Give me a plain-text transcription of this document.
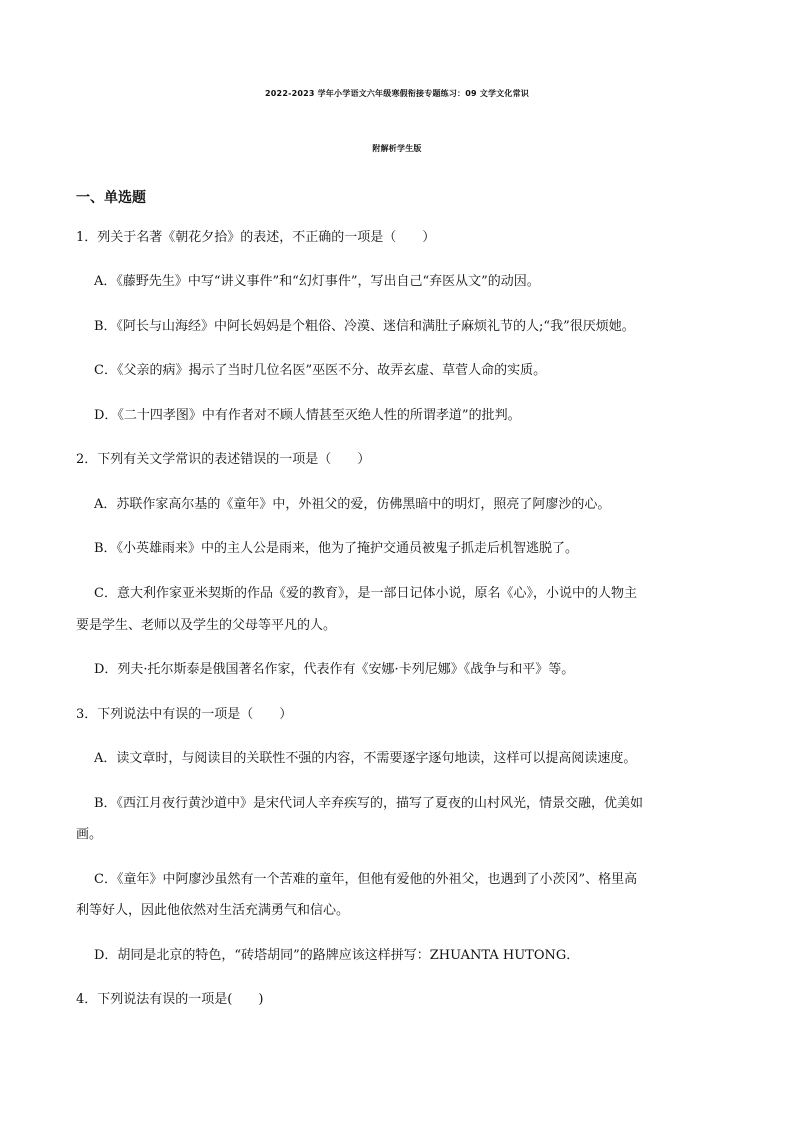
2022-2023 学年小学语文六年级寒假衔接专题练习：09 文学文化常识
附解析学生版
一、单选题
1．列关于名著《朝花夕拾》的表述，不正确的一项是（　　）
A．《藤野先生》中写“讲义事件”和“幻灯事件”，写出自己“弃医从文”的动因。
B．《阿长与山海经》中阿长妈妈是个粗俗、冷漠、迷信和满肚子麻烦礼节的人;“我”很厌烦她。
C．《父亲的病》揭示了当时几位名医”巫医不分、故弄玄虚、草菅人命的实质。
D．《二十四孝图》中有作者对不顾人情甚至灭绝人性的所谓孝道”的批判。
2．下列有关文学常识的表述错误的一项是（　　）
A．苏联作家高尔基的《童年》中，外祖父的爱，仿佛黑暗中的明灯，照亮了阿廖沙的心。
B．《小英雄雨来》中的主人公是雨来，他为了掩护交通员被鬼子抓走后机智逃脱了。
C．意大利作家亚米契斯的作品《爱的教育》，是一部日记体小说，原名《心》，小说中的人物主
要是学生、老师以及学生的父母等平凡的人。
D．列夫·托尔斯泰是俄国著名作家，代表作有《安娜·卡列尼娜》《战争与和平》等。
3．下列说法中有误的一项是（　　）
A．读文章时，与阅读目的关联性不强的内容，不需要逐字逐句地读，这样可以提高阅读速度。
B．《西江月夜行黄沙道中》是宋代词人辛弃疾写的，描写了夏夜的山村风光，情景交融，优美如
画。
C．《童年》中阿廖沙虽然有一个苦难的童年，但他有爱他的外祖父，也遇到了小茨冈”、格里高
利等好人，因此他依然对生活充满勇气和信心。
D．胡同是北京的特色，“砖塔胡同”的路牌应该这样拼写：ZHUANTA HUTONG．
4．下列说法有误的一项是(　　)
